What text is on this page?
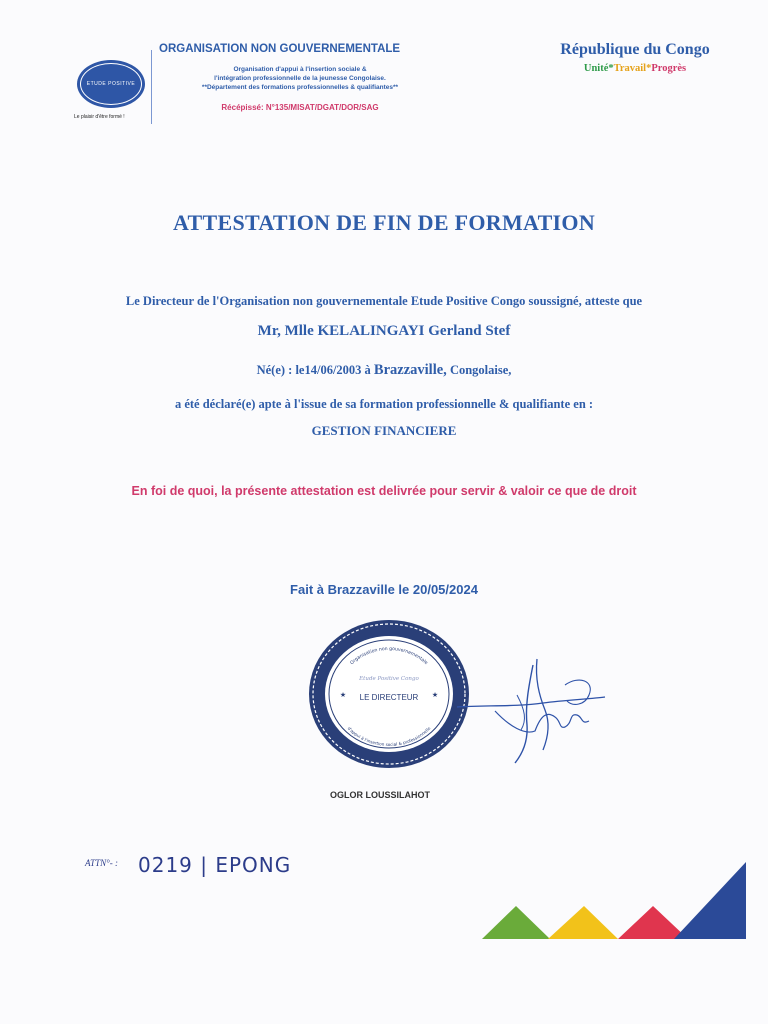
ETUDE POSITIVE
Le plaisir d'être formé !
ORGANISATION NON GOUVERNEMENTALE
Organisation d'appui à l'insertion sociale &
l'intégration professionnelle de la jeunesse Congolaise.
**Département des formations professionnelles & qualifiantes**
Récépissé: N°135/MISAT/DGAT/DOR/SAG
République du Congo
Unité*Travail*Progrès
ATTESTATION DE FIN DE FORMATION
Le Directeur de l'Organisation non gouvernementale Etude Positive Congo soussigné, atteste que
Mr, Mlle KELALINGAYI Gerland Stef
Né(e) : le14/06/2003 à Brazzaville, Congolaise,
a été déclaré(e) apte à l'issue de sa formation professionnelle & qualifiante en :
GESTION FINANCIERE
En foi de quoi, la présente attestation est delivrée pour servir & valoir ce que de droit
Fait à Brazzaville le 20/05/2024
Organisation non gouvernementale
Etude Positive Congo
★	★
LE DIRECTEUR
d'appui à l'insertion social & professionnelle
OGLOR LOUSSILAHOT
ATTN°- : 0219 | EPONG
